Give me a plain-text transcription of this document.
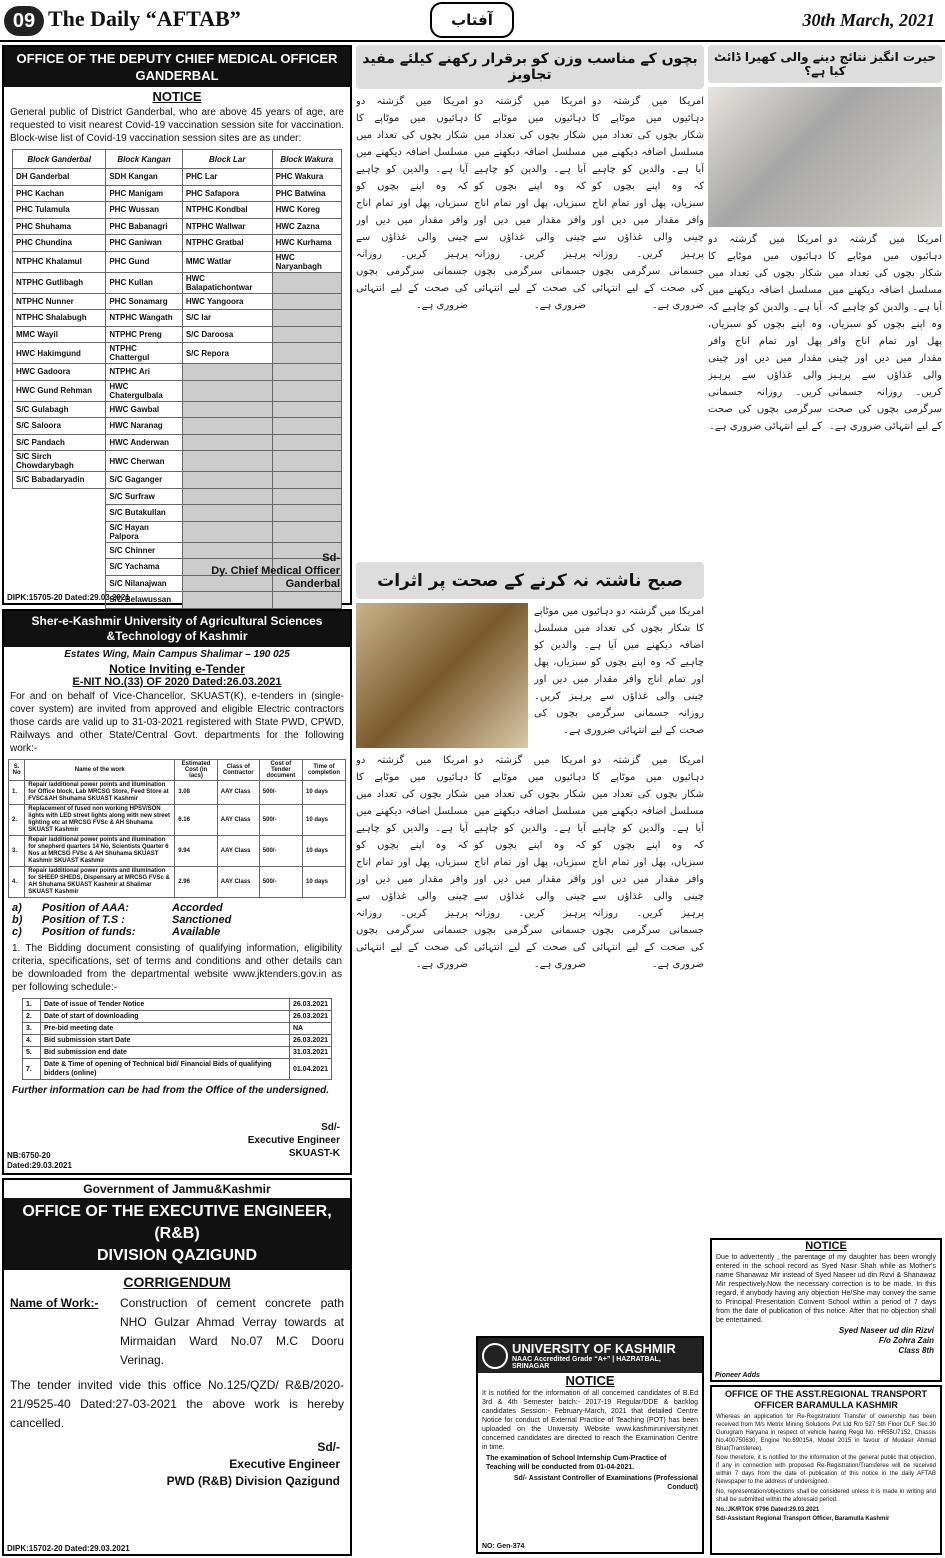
09 The Daily “AFTAB”	آفتاب	30th March, 2021
OFFICE OF THE DEPUTY CHIEF MEDICAL OFFICER
GANDERBAL
NOTICE
General public of District Ganderbal, who are above 45 years of age, are requested to visit nearest Covid-19 vaccination session site for vaccination. Block-wise list of Covid-19 vaccination session sites are as under:
Block Ganderbal	Block Kangan	Block Lar	Block Wakura
DH Ganderbal	SDH Kangan	PHC Lar	PHC Wakura
PHC Kachan	PHC Manigam	PHC Safapora	PHC Batwina
PHC Tulamula	PHC Wussan	NTPHC Kondbal	HWC Koreg
PHC Shuhama	PHC Babanagri	NTPHC Wallwar	HWC Zazna
PHC Chundina	PHC Ganiwan	NTPHC Gratbal	HWC Kurhama
NTPHC Khalamul	PHC Gund	MMC Watlar	HWC Naryanbagh
NTPHC Gutlibagh	PHC Kullan	HWC Balapatichontwar	
NTPHC Nunner	PHC Sonamarg	HWC Yangoora	
NTPHC Shalabugh	NTPHC Wangath	S/C lar	
MMC Wayil	NTPHC Preng	S/C Daroosa	
HWC Hakimgund	NTPHC Chattergul	S/C Repora	
HWC Gadoora	NTPHC Ari		
HWC Gund Rehman	HWC Chatergulbala		
S/C Gulabagh	HWC Gawbal		
S/C Saloora	HWC Naranag		
S/C Pandach	HWC Anderwan		
S/C Sirch Chowdarybagh	HWC Cherwan		
S/C Babadaryadin	S/C Gaganger		
	S/C Surfraw		
	S/C Butakullan		
	S/C Hayan Palpora		
	S/C Chinner		
	S/C Yachama		
	S/C Nilanajwan		
	S/C Belawussan		
Sd-
Dy. Chief Medical Officer
Ganderbal
DIPK:15705-20 Dated:29.03.2021
Sher-e-Kashmir University of Agricultural Sciences &Technology of Kashmir
Estates Wing, Main Campus Shalimar – 190 025
Notice Inviting e-Tender
E-NIT NO.(33) OF 2020 Dated:26.03.2021
For and on behalf of Vice-Chancellor, SKUAST(K), e-tenders in (single-cover system) are invited from approved and eligible Electric contractors those cards are valid up to 31-03-2021 registered with State PWD, CPWD, Railways and other State/Central Govt. departments for the following work:-
S. No	Name of the work	Estimated Cost (in lacs)	Class of Contractor	Cost of Tender document	Time of completion
1.	Repair /additional power points and illumination for Office block, Lab MRCSG Store, Feed Store at FVSC&AH Shuhama SKUAST Kashmir	3.08	AAY Class	500/-	10 days
2.	Replacement of fused non working HPSV/SON lights with LED street lights along with new street lighting etc at MRCSG FVSc & AH Shuhama SKUAST Kashmir	6.16	AAY Class	500/-	10 days
3.	Repair /additional power points and illumination for shepherd quarters 14 No, Scientists Quarter 6 Nos at MRCSG FVSc & AH Shuhama SKUAST Kashmir SKUAST Kashmir	9.94	AAY Class	500/-	10 days
4.	Repair /additional power points and illumination for SHEEP SHEDS, Dispensary at MRCSG FVSc & AH Shuhama SKUAST Kashmir at Shalimar SKUAST Kashmir	2.96	AAY Class	500/-	10 days
a)	Position of AAA:	Accorded
b)	Position of T.S :	Sanctioned
c)	Position of funds:	Available
1. The Bidding document consisting of qualifying information, eligibility criteria, specifications, set of terms and conditions and other details can be downloaded from the departmental website www.jktenders.gov.in as per following schedule:-
1.	Date of issue of Tender Notice	26.03.2021
2.	Date of start of downloading	26.03.2021
3.	Pre-bid meeting date	NA
4.	Bid submission start Date	26.03.2021
5.	Bid submission end date	31.03.2021
7.	Date & Time of opening of Technical bid/ Financial Bids of qualifying bidders (online)	01.04.2021
Further information can be had from the Office of the undersigned.
Sd/-
Executive Engineer
SKUAST-K
NB:6750-20
Dated:29.03.2021
Government of Jammu&Kashmir
OFFICE OF THE EXECUTIVE ENGINEER, (R&B)
DIVISION QAZIGUND
CORRIGENDUM
Name of Work:-	Construction of cement concrete path NHO Gulzar Ahmad Verray towards at Mirmaidan Ward No.07 M.C Dooru Verinag.
The tender invited vide this office No.125/QZD/ R&B/2020-21/9525-40 Dated:27-03-2021 the above work is hereby cancelled.
Sd/-
Executive Engineer
PWD (R&B) Division Qazigund
DIPK:15702-20 Dated:29.03.2021
بچوں کے مناسب وزن کو برقرار رکھنے کیلئے مفید تجاویز
امریکا میں گزشتہ دو دہائیوں میں موٹاپے کا شکار بچوں کی تعداد میں مسلسل اضافہ دیکھنے میں آیا ہے۔ والدین کو چاہیے کہ وہ اپنے بچوں کو سبزیاں، پھل اور تمام اناج وافر مقدار میں دیں اور چینی والی غذاؤں سے پرہیز کریں۔ روزانہ جسمانی سرگرمی بچوں کی صحت کے لیے انتہائی ضروری ہے۔
امریکا میں گزشتہ دو دہائیوں میں موٹاپے کا شکار بچوں کی تعداد میں مسلسل اضافہ دیکھنے میں آیا ہے۔ والدین کو چاہیے کہ وہ اپنے بچوں کو سبزیاں، پھل اور تمام اناج وافر مقدار میں دیں اور چینی والی غذاؤں سے پرہیز کریں۔ روزانہ جسمانی سرگرمی بچوں کی صحت کے لیے انتہائی ضروری ہے۔
امریکا میں گزشتہ دو دہائیوں میں موٹاپے کا شکار بچوں کی تعداد میں مسلسل اضافہ دیکھنے میں آیا ہے۔ والدین کو چاہیے کہ وہ اپنے بچوں کو سبزیاں، پھل اور تمام اناج وافر مقدار میں دیں اور چینی والی غذاؤں سے پرہیز کریں۔ روزانہ جسمانی سرگرمی بچوں کی صحت کے لیے انتہائی ضروری ہے۔
حیرت انگیز نتائج دینے والی کھیرا ڈائٹ کیا ہے؟
امریکا میں گزشتہ دو دہائیوں میں موٹاپے کا شکار بچوں کی تعداد میں مسلسل اضافہ دیکھنے میں آیا ہے۔ والدین کو چاہیے کہ وہ اپنے بچوں کو سبزیاں، پھل اور تمام اناج وافر مقدار میں دیں اور چینی والی غذاؤں سے پرہیز کریں۔ روزانہ جسمانی سرگرمی بچوں کی صحت کے لیے انتہائی ضروری ہے۔
امریکا میں گزشتہ دو دہائیوں میں موٹاپے کا شکار بچوں کی تعداد میں مسلسل اضافہ دیکھنے میں آیا ہے۔ والدین کو چاہیے کہ وہ اپنے بچوں کو سبزیاں، پھل اور تمام اناج وافر مقدار میں دیں اور چینی والی غذاؤں سے پرہیز کریں۔ روزانہ جسمانی سرگرمی بچوں کی صحت کے لیے انتہائی ضروری ہے۔
صبح ناشتہ نہ کرنے کے صحت پر اثرات
امریکا میں گزشتہ دو دہائیوں میں موٹاپے کا شکار بچوں کی تعداد میں مسلسل اضافہ دیکھنے میں آیا ہے۔ والدین کو چاہیے کہ وہ اپنے بچوں کو سبزیاں، پھل اور تمام اناج وافر مقدار میں دیں اور چینی والی غذاؤں سے پرہیز کریں۔ روزانہ جسمانی سرگرمی بچوں کی صحت کے لیے انتہائی ضروری ہے۔
امریکا میں گزشتہ دو دہائیوں میں موٹاپے کا شکار بچوں کی تعداد میں مسلسل اضافہ دیکھنے میں آیا ہے۔ والدین کو چاہیے کہ وہ اپنے بچوں کو سبزیاں، پھل اور تمام اناج وافر مقدار میں دیں اور چینی والی غذاؤں سے پرہیز کریں۔ روزانہ جسمانی سرگرمی بچوں کی صحت کے لیے انتہائی ضروری ہے۔
امریکا میں گزشتہ دو دہائیوں میں موٹاپے کا شکار بچوں کی تعداد میں مسلسل اضافہ دیکھنے میں آیا ہے۔ والدین کو چاہیے کہ وہ اپنے بچوں کو سبزیاں، پھل اور تمام اناج وافر مقدار میں دیں اور چینی والی غذاؤں سے پرہیز کریں۔ روزانہ جسمانی سرگرمی بچوں کی صحت کے لیے انتہائی ضروری ہے۔
امریکا میں گزشتہ دو دہائیوں میں موٹاپے کا شکار بچوں کی تعداد میں مسلسل اضافہ دیکھنے میں آیا ہے۔ والدین کو چاہیے کہ وہ اپنے بچوں کو سبزیاں، پھل اور تمام اناج وافر مقدار میں دیں اور چینی والی غذاؤں سے پرہیز کریں۔ روزانہ جسمانی سرگرمی بچوں کی صحت کے لیے انتہائی ضروری ہے۔
UNIVERSITY OF KASHMIR
NAAC Accredited Grade “A+” | HAZRATBAL, SRINAGAR
NOTICE
It is notified for the information of all concerned candidates of B.Ed 3rd & 4th Semester batch:- 2017-19 Regular/DDE & backlog candidates Session:- February-March, 2021 that detailed Centre Notice for conduct of External Practice of Teaching (POT) has been uploaded on the University Website www.kashmiruniversity.net concerned candidates are directed to reach the Examination Centre in time.
The examination of School Internship Cum-Practice of Teaching will be conducted from 01-04-2021.
Sd/- Assistant Controller of Examinations (Professional Conduct)
NO: Gen-374
NOTICE
Due to advertently , the parentage of my daughter has been wrongly entered in the school record as Syed Nasir Shah while as Mother's name Shanawaz Mir instead of Syed Naseer ud din Rizvi & Shanawaz Mir respectively.Now the necessary correction is to be made. In this regard, if anybody having any objection He/She may convey the same to Principal Presentation Convent School within a period of 7 days from the date of publication of this notice. After that no objection shall be entertained.
Syed Naseer ud din Rizvi
F/o Zohra Zain
Class 8th
Pioneer Adds
OFFICE OF THE ASST.REGIONAL TRANSPORT
OFFICER BARAMULLA KASHMIR
Whereas an application for Re-Registration/ Transfer of ownership has been received from M/s Metrix Mining Solutions Pvt Ltd R/o 527 5th Floor DLF Sec.30 Gurugram Haryana in respect of vehicle having Regd No. HR55U7152, Chassis No.400750630, Engine No.690154, Model 2015 in favour of Mudasir Ahmad Bhat(Transferee).
Now therefore, it is notified for the information of the general public that objection, if any in connection with proposed Re-Registration/Transferee will be received within 7 days from the date of publication of this notice in the daily AFTAB Newspaper to the address of undersigned.
No, representation/objections shall be considered unless it is made in writing and shall be submitted within the aforesaid period.
No.:JK/RTOK 9796 Dated:29.03.2021
Sd/-Assistant Regional Transport Officer, Baramulla Kashmir
